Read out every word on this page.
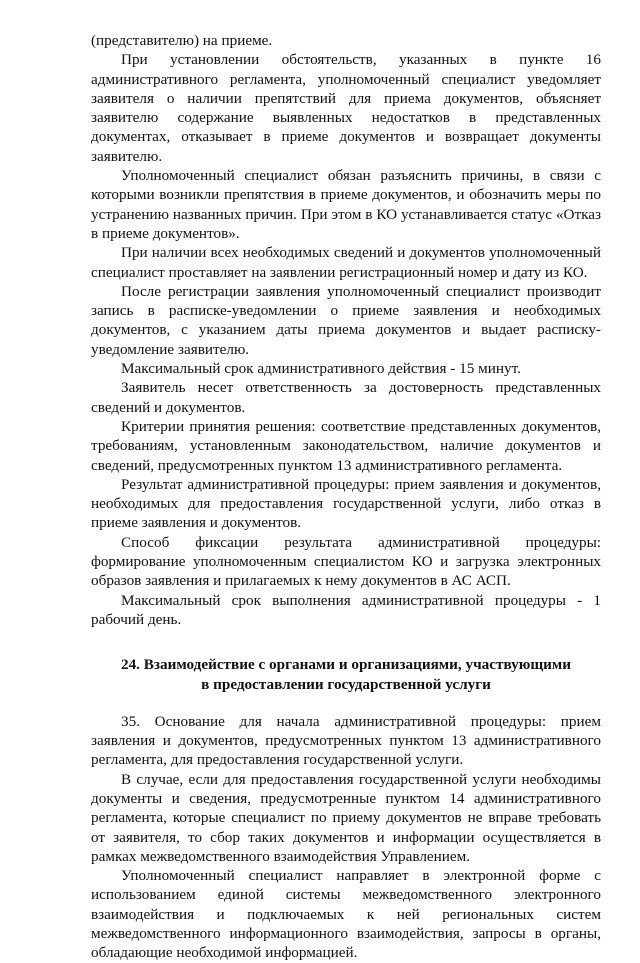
(представителю) на приеме.

При установлении обстоятельств, указанных в пункте 16 административного регламента, уполномоченный специалист уведомляет заявителя о наличии препятствий для приема документов, объясняет заявителю содержание выявленных недостатков в представленных документах, отказывает в приеме документов и возвращает документы заявителю.

Уполномоченный специалист обязан разъяснить причины, в связи с которыми возникли препятствия в приеме документов, и обозначить меры по устранению названных причин. При этом в КО устанавливается статус «Отказ в приеме документов».

При наличии всех необходимых сведений и документов уполномоченный специалист проставляет на заявлении регистрационный номер и дату из КО.

После регистрации заявления уполномоченный специалист производит запись в расписке-уведомлении о приеме заявления и необходимых документов, с указанием даты приема документов и выдает расписку-уведомление заявителю.

Максимальный срок административного действия - 15 минут.

Заявитель несет ответственность за достоверность представленных сведений и документов.

Критерии принятия решения: соответствие представленных документов, требованиям, установленным законодательством, наличие документов и сведений, предусмотренных пунктом 13 административного регламента.

Результат административной процедуры: прием заявления и документов, необходимых для предоставления государственной услуги, либо отказ в приеме заявления и документов.

Способ фиксации результата административной процедуры: формирование уполномоченным специалистом КО и загрузка электронных образов заявления и прилагаемых к нему документов в АС АСП.

Максимальный срок выполнения административной процедуры - 1 рабочий день.

24. Взаимодействие с органами и организациями, участвующими
в предоставлении государственной услуги

35. Основание для начала административной процедуры: прием заявления и документов, предусмотренных пунктом 13 административного регламента, для предоставления государственной услуги.

В случае, если для предоставления государственной услуги необходимы документы и сведения, предусмотренные пунктом 14 административного регламента, которые специалист по приему документов не вправе требовать от заявителя, то сбор таких документов и информации осуществляется в рамках межведомственного взаимодействия Управлением.

Уполномоченный специалист направляет в электронной форме с использованием единой системы межведомственного электронного взаимодействия и подключаемых к ней региональных систем межведомственного информационного взаимодействия, запросы в органы, обладающие необходимой информацией.
